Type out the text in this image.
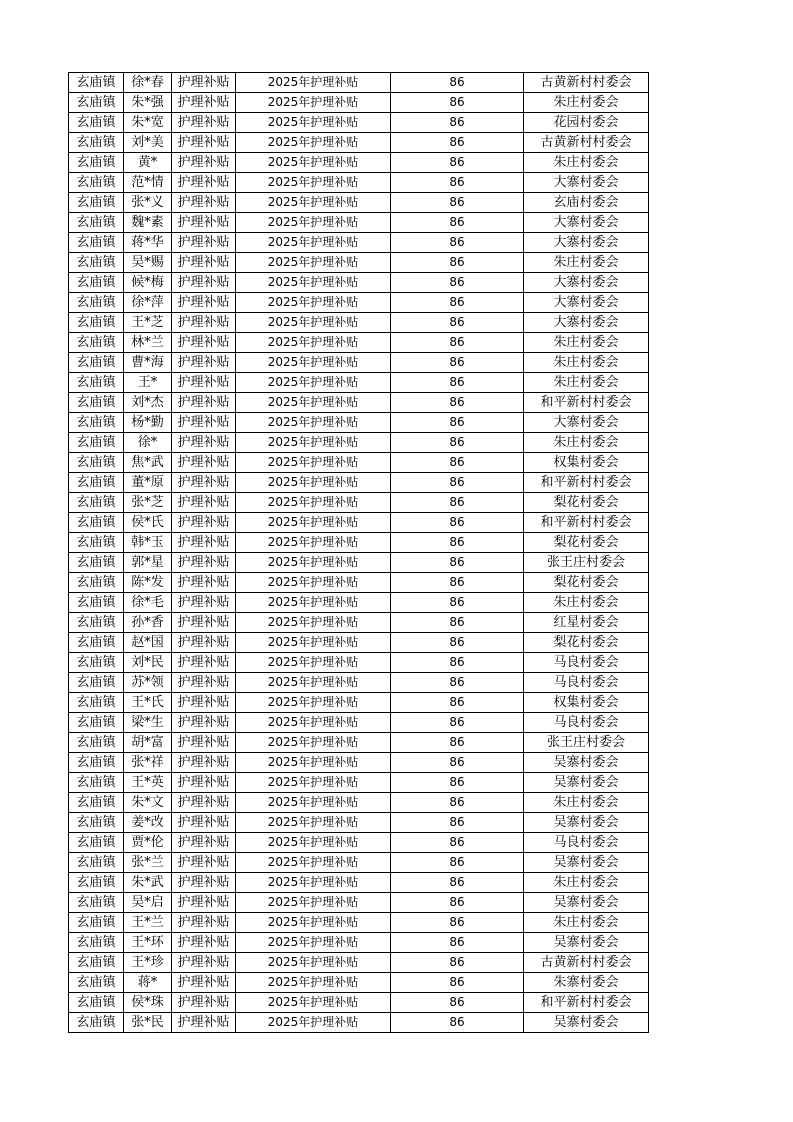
玄庙镇	徐*春	护理补贴	2025年护理补贴	86	古黄新村村委会
玄庙镇	朱*强	护理补贴	2025年护理补贴	86	朱庄村委会
玄庙镇	朱*宽	护理补贴	2025年护理补贴	86	花园村委会
玄庙镇	刘*美	护理补贴	2025年护理补贴	86	古黄新村村委会
玄庙镇	黄*	护理补贴	2025年护理补贴	86	朱庄村委会
玄庙镇	范*情	护理补贴	2025年护理补贴	86	大寨村委会
玄庙镇	张*义	护理补贴	2025年护理补贴	86	玄庙村委会
玄庙镇	魏*素	护理补贴	2025年护理补贴	86	大寨村委会
玄庙镇	蒋*华	护理补贴	2025年护理补贴	86	大寨村委会
玄庙镇	吴*赐	护理补贴	2025年护理补贴	86	朱庄村委会
玄庙镇	候*梅	护理补贴	2025年护理补贴	86	大寨村委会
玄庙镇	徐*萍	护理补贴	2025年护理补贴	86	大寨村委会
玄庙镇	王*芝	护理补贴	2025年护理补贴	86	大寨村委会
玄庙镇	林*兰	护理补贴	2025年护理补贴	86	朱庄村委会
玄庙镇	曹*海	护理补贴	2025年护理补贴	86	朱庄村委会
玄庙镇	王*	护理补贴	2025年护理补贴	86	朱庄村委会
玄庙镇	刘*杰	护理补贴	2025年护理补贴	86	和平新村村委会
玄庙镇	杨*勤	护理补贴	2025年护理补贴	86	大寨村委会
玄庙镇	徐*	护理补贴	2025年护理补贴	86	朱庄村委会
玄庙镇	焦*武	护理补贴	2025年护理补贴	86	权集村委会
玄庙镇	董*原	护理补贴	2025年护理补贴	86	和平新村村委会
玄庙镇	张*芝	护理补贴	2025年护理补贴	86	梨花村委会
玄庙镇	侯*氏	护理补贴	2025年护理补贴	86	和平新村村委会
玄庙镇	韩*玉	护理补贴	2025年护理补贴	86	梨花村委会
玄庙镇	郭*星	护理补贴	2025年护理补贴	86	张王庄村委会
玄庙镇	陈*发	护理补贴	2025年护理补贴	86	梨花村委会
玄庙镇	徐*毛	护理补贴	2025年护理补贴	86	朱庄村委会
玄庙镇	孙*香	护理补贴	2025年护理补贴	86	红星村委会
玄庙镇	赵*国	护理补贴	2025年护理补贴	86	梨花村委会
玄庙镇	刘*民	护理补贴	2025年护理补贴	86	马良村委会
玄庙镇	苏*领	护理补贴	2025年护理补贴	86	马良村委会
玄庙镇	王*氏	护理补贴	2025年护理补贴	86	权集村委会
玄庙镇	梁*生	护理补贴	2025年护理补贴	86	马良村委会
玄庙镇	胡*富	护理补贴	2025年护理补贴	86	张王庄村委会
玄庙镇	张*祥	护理补贴	2025年护理补贴	86	吴寨村委会
玄庙镇	王*英	护理补贴	2025年护理补贴	86	吴寨村委会
玄庙镇	朱*文	护理补贴	2025年护理补贴	86	朱庄村委会
玄庙镇	姜*改	护理补贴	2025年护理补贴	86	吴寨村委会
玄庙镇	贾*伦	护理补贴	2025年护理补贴	86	马良村委会
玄庙镇	张*兰	护理补贴	2025年护理补贴	86	吴寨村委会
玄庙镇	朱*武	护理补贴	2025年护理补贴	86	朱庄村委会
玄庙镇	吴*启	护理补贴	2025年护理补贴	86	吴寨村委会
玄庙镇	王*兰	护理补贴	2025年护理补贴	86	朱庄村委会
玄庙镇	王*环	护理补贴	2025年护理补贴	86	吴寨村委会
玄庙镇	王*珍	护理补贴	2025年护理补贴	86	古黄新村村委会
玄庙镇	蒋*	护理补贴	2025年护理补贴	86	朱寨村委会
玄庙镇	侯*珠	护理补贴	2025年护理补贴	86	和平新村村委会
玄庙镇	张*民	护理补贴	2025年护理补贴	86	吴寨村委会
